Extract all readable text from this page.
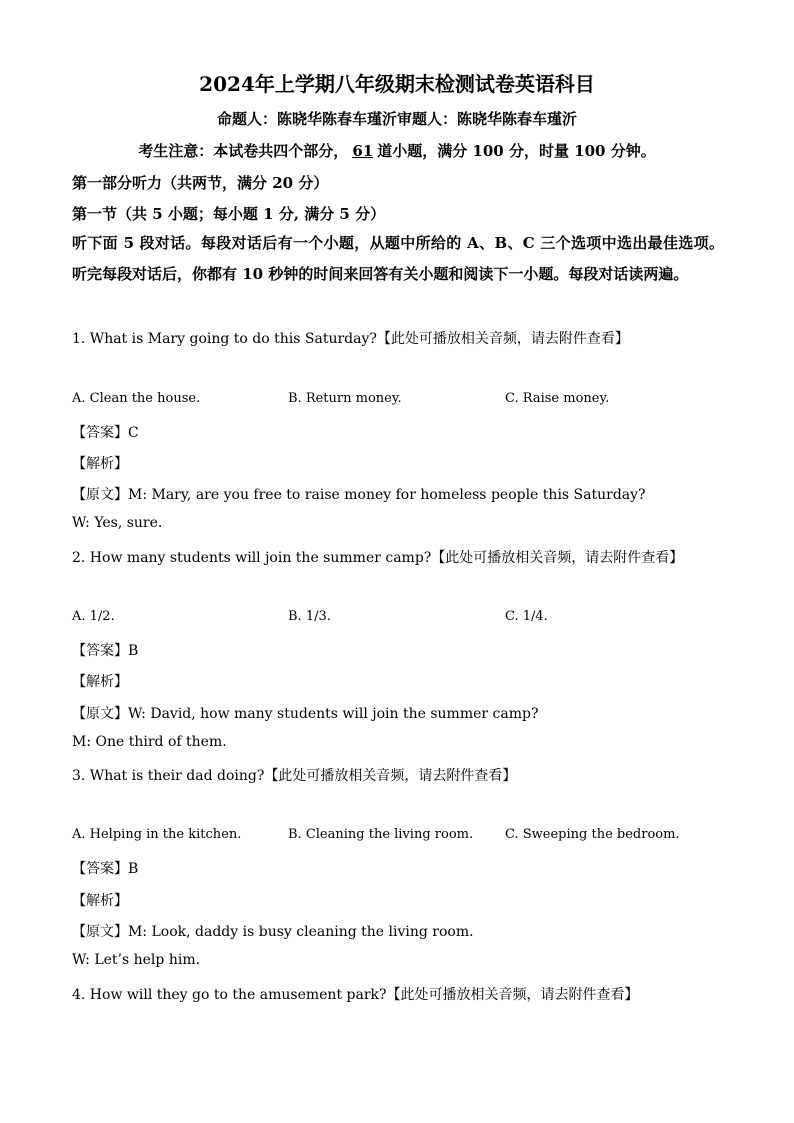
2024年上学期八年级期末检测试卷英语科目
命题人：陈晓华陈春车瑾沂审题人：陈晓华陈春车瑾沂
考生注意：本试卷共四个部分， 61 道小题，满分 100 分，时量 100 分钟。
第一部分听力（共两节，满分 20 分）
第一节（共 5 小题；每小题 1 分, 满分 5 分）
听下面 5 段对话。每段对话后有一个小题，从题中所给的 A、B、C 三个选项中选出最佳选项。听完每段对话后，你都有 10 秒钟的时间来回答有关小题和阅读下一小题。每段对话读两遍。
1. What is Mary going to do this Saturday?【此处可播放相关音频，请去附件查看】
A. Clean the house.	B. Return money.	C. Raise money.
【答案】C
【解析】
【原文】M: Mary, are you free to raise money for homeless people this Saturday?
W: Yes, sure.
2. How many students will join the summer camp?【此处可播放相关音频，请去附件查看】
A. 1/2.	B. 1/3.	C. 1/4.
【答案】B
【解析】
【原文】W: David, how many students will join the summer camp?
M: One third of them.
3. What is their dad doing?【此处可播放相关音频，请去附件查看】
A. Helping in the kitchen.	B. Cleaning the living room. C. Sweeping the bedroom.
【答案】B
【解析】
【原文】M: Look, daddy is busy cleaning the living room.
W: Let’s help him.
4. How will they go to the amusement park?【此处可播放相关音频，请去附件查看】
